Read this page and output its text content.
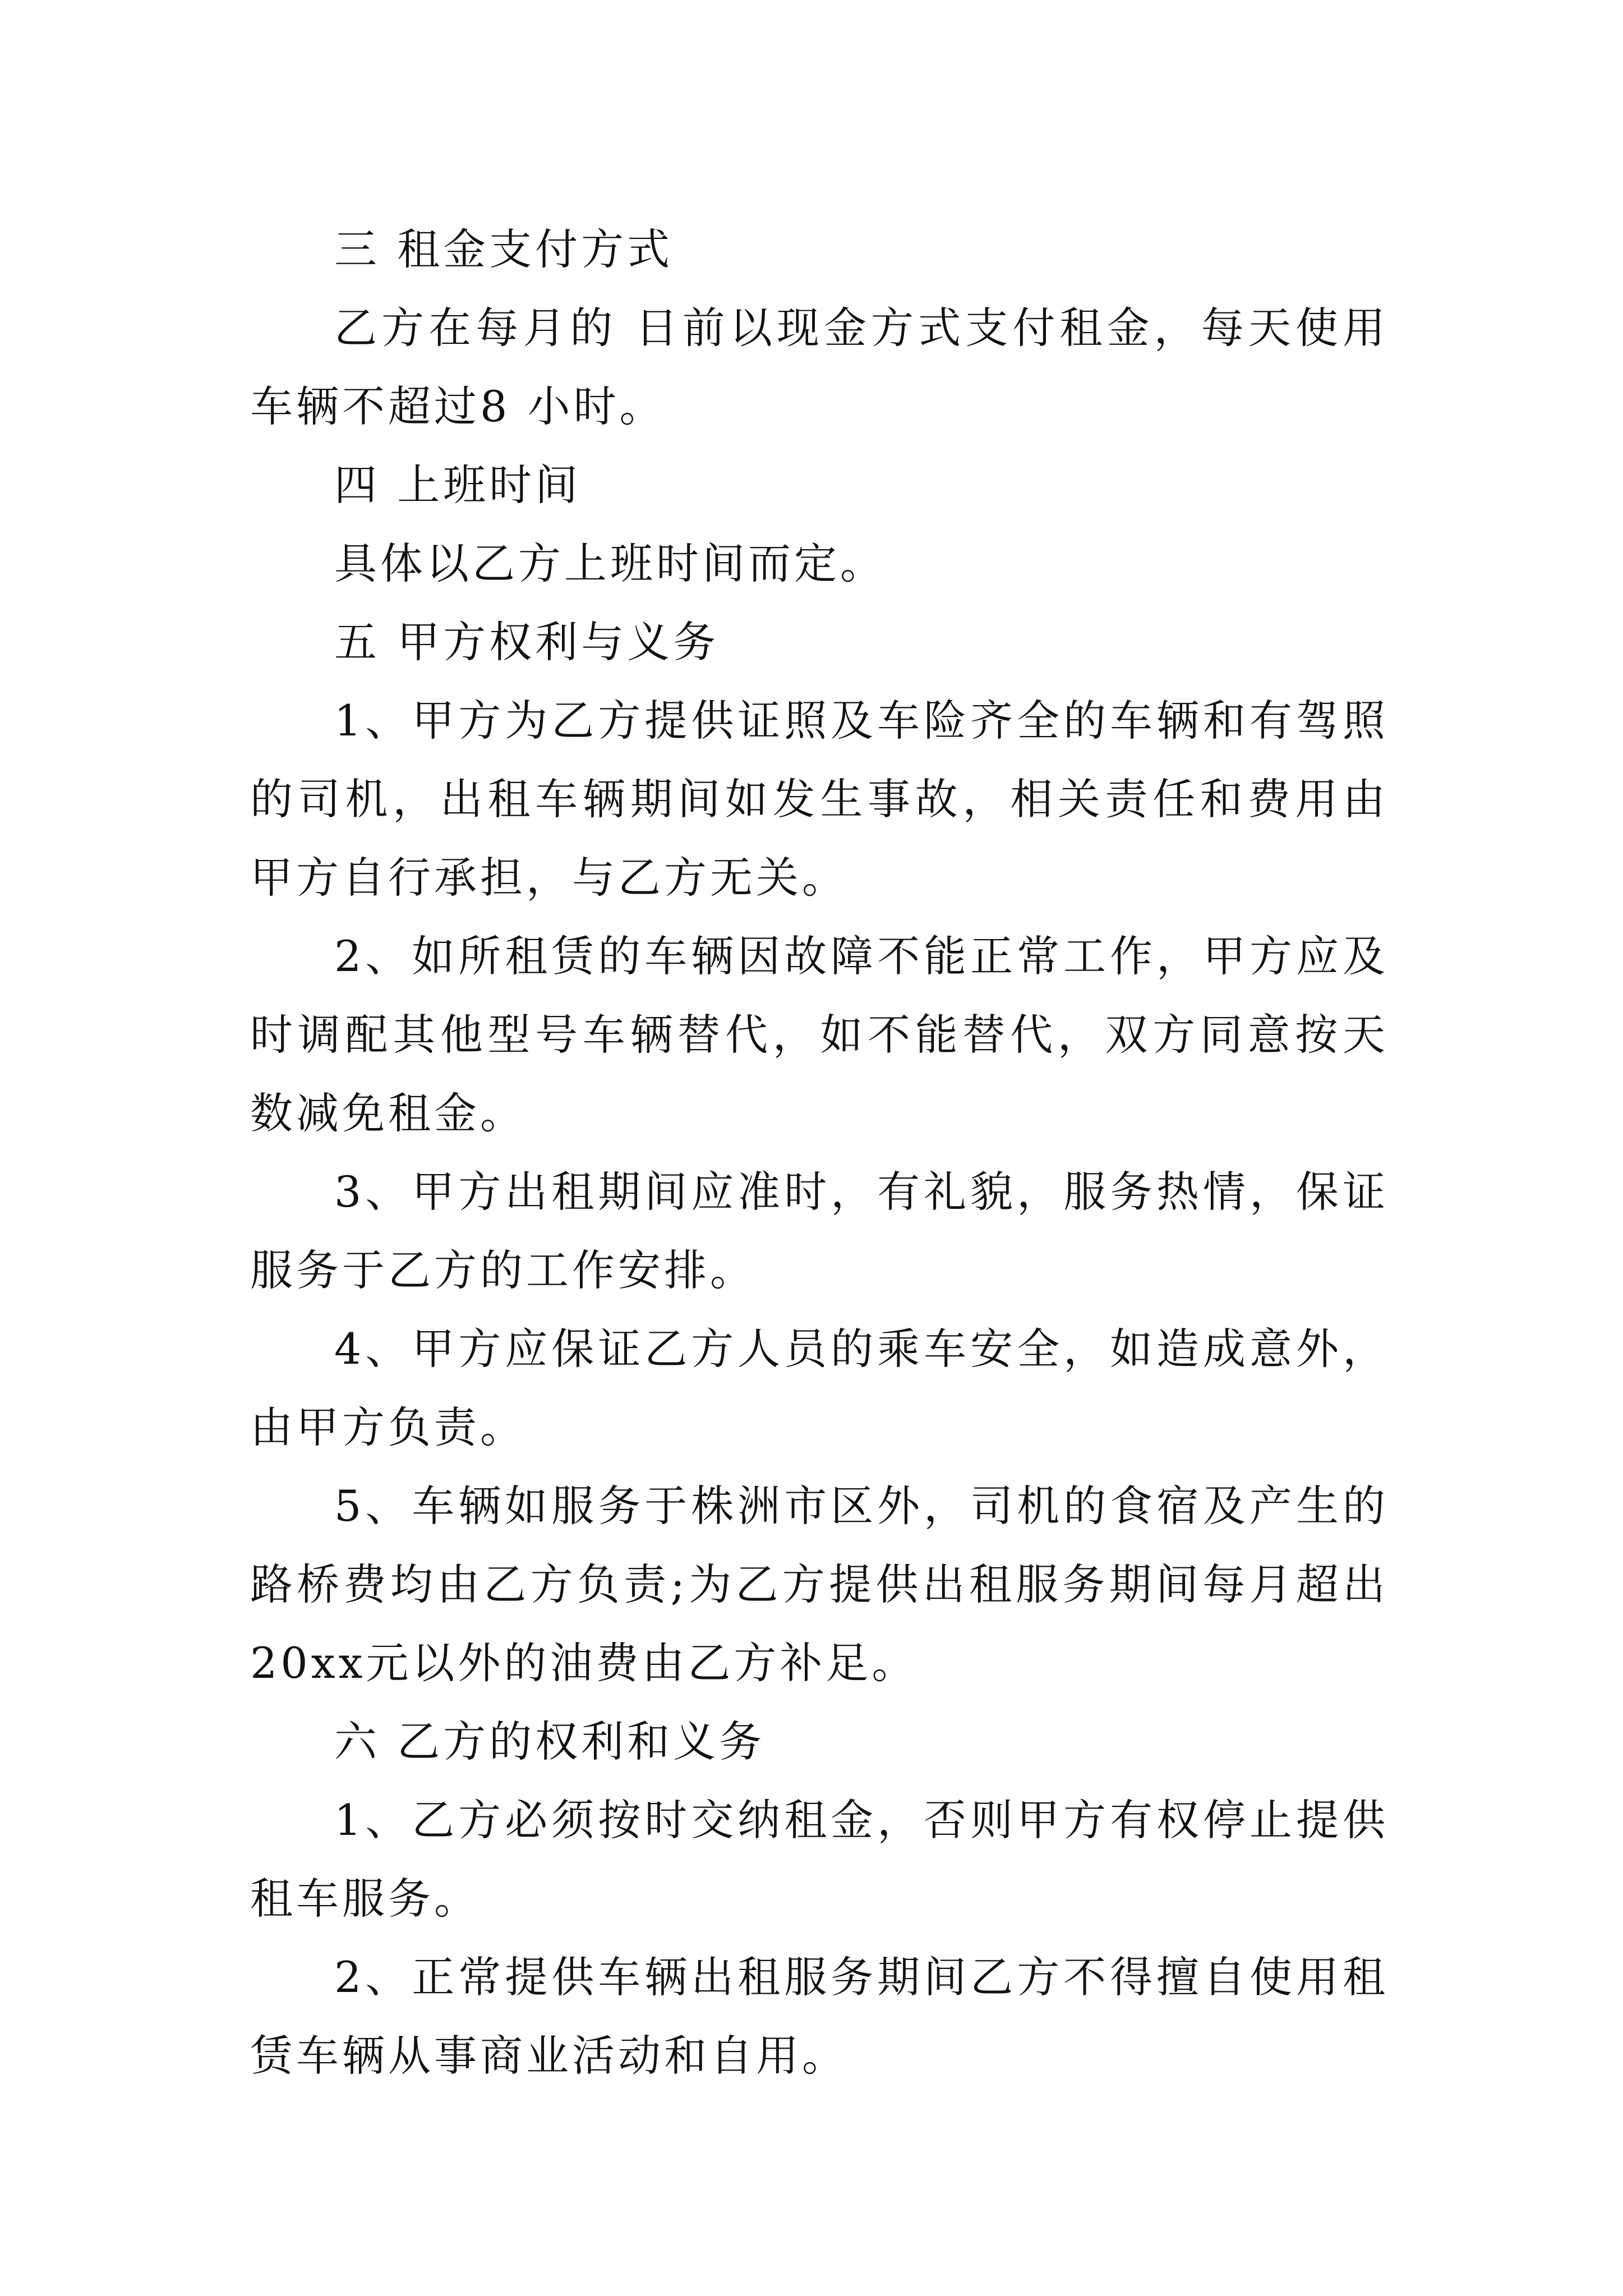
三 租金支付方式

乙方在每月的 日前以现金方式支付租金，每天使用车辆不超过8 小时。

四 上班时间

具体以乙方上班时间而定。

五 甲方权利与义务

1、甲方为乙方提供证照及车险齐全的车辆和有驾照的司机，出租车辆期间如发生事故，相关责任和费用由甲方自行承担，与乙方无关。

2、如所租赁的车辆因故障不能正常工作，甲方应及时调配其他型号车辆替代，如不能替代，双方同意按天数减免租金。

3、甲方出租期间应准时，有礼貌，服务热情，保证服务于乙方的工作安排。

4、甲方应保证乙方人员的乘车安全，如造成意外，由甲方负责。

5、车辆如服务于株洲市区外，司机的食宿及产生的路桥费均由乙方负责;为乙方提供出租服务期间每月超出20xx元以外的油费由乙方补足。

六 乙方的权利和义务

1、乙方必须按时交纳租金，否则甲方有权停止提供租车服务。

2、正常提供车辆出租服务期间乙方不得擅自使用租赁车辆从事商业活动和自用。
